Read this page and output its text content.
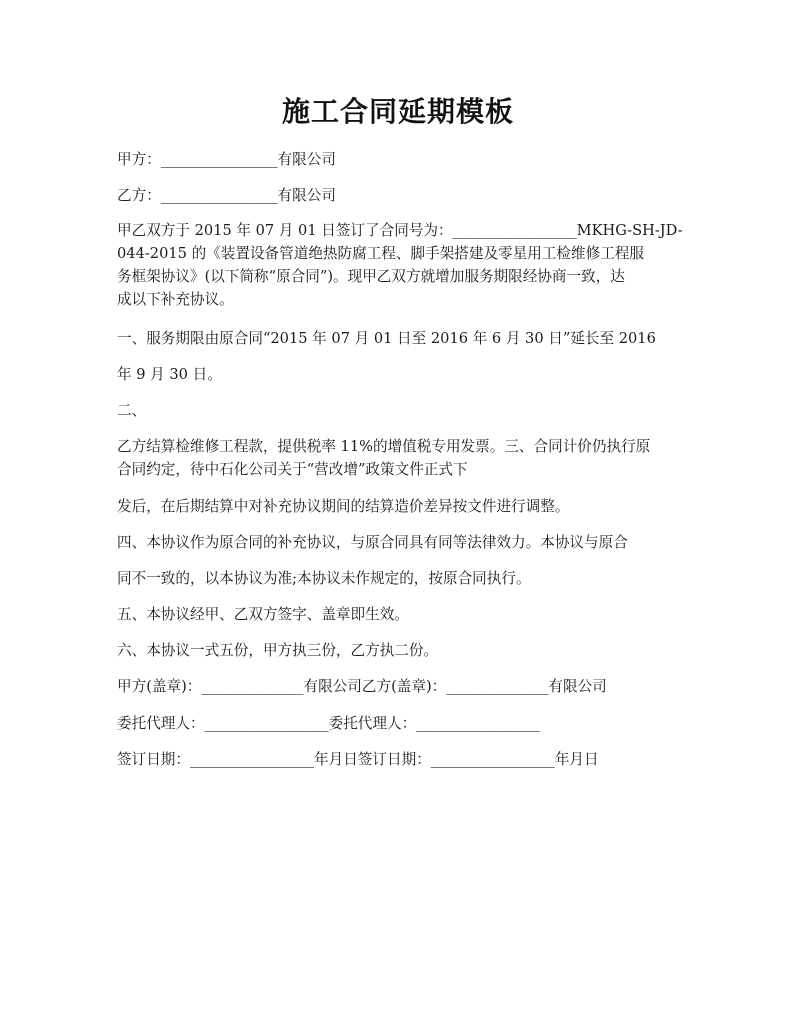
施工合同延期模板
甲方：________________有限公司
乙方：________________有限公司
甲乙双方于 2015 年 07 月 01 日签订了合同号为：_________________MKHG-SH-JD-
044-2015 的《装置设备管道绝热防腐工程、脚手架搭建及零星用工检维修工程服
务框架协议》(以下简称“原合同”)。现甲乙双方就增加服务期限经协商一致，达
成以下补充协议。
一、服务期限由原合同“2015 年 07 月 01 日至 2016 年 6 月 30 日”延长至 2016
年 9 月 30 日。
二、
乙方结算检维修工程款，提供税率 11%的增值税专用发票。三、合同计价仍执行原
合同约定，待中石化公司关于“营改增”政策文件正式下
发后，在后期结算中对补充协议期间的结算造价差异按文件进行调整。
四、本协议作为原合同的补充协议，与原合同具有同等法律效力。本协议与原合
同不一致的，以本协议为准;本协议未作规定的，按原合同执行。
五、本协议经甲、乙双方签字、盖章即生效。
六、本协议一式五份，甲方执三份，乙方执二份。
甲方(盖章)：______________有限公司乙方(盖章)：______________有限公司
委托代理人：_________________委托代理人：_________________
签订日期：_________________年月日签订日期：_________________年月日
